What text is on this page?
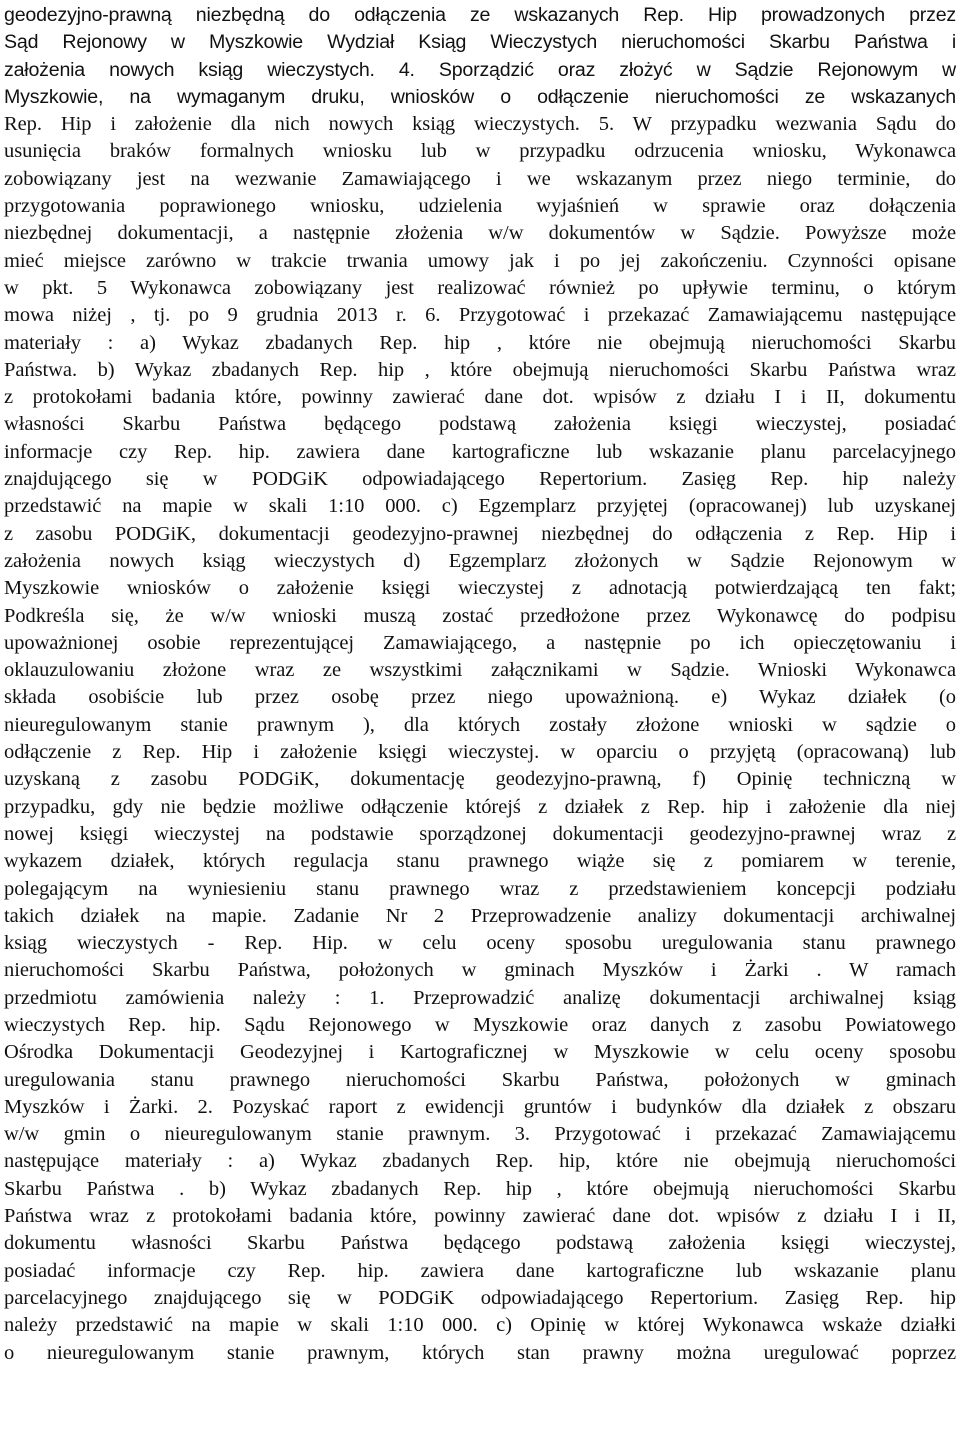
geodezyjno-prawną niezbędną do odłączenia ze wskazanych Rep. Hip prowadzonych przez
Sąd Rejonowy w Myszkowie Wydział Ksiąg Wieczystych nieruchomości Skarbu Państwa i
założenia nowych ksiąg wieczystych. 4. Sporządzić oraz złożyć w Sądzie Rejonowym w
Myszkowie, na wymaganym druku, wniosków o odłączenie nieruchomości ze wskazanych
Rep. Hip i założenie dla nich nowych ksiąg wieczystych. 5. W przypadku wezwania Sądu do
usunięcia braków formalnych wniosku lub w przypadku odrzucenia wniosku, Wykonawca
zobowiązany jest na wezwanie Zamawiającego i we wskazanym przez niego terminie, do
przygotowania poprawionego wniosku, udzielenia wyjaśnień w sprawie oraz dołączenia
niezbędnej dokumentacji, a następnie złożenia w/w dokumentów w Sądzie. Powyższe może
mieć miejsce zarówno w trakcie trwania umowy jak i po jej zakończeniu. Czynności opisane
w pkt. 5 Wykonawca zobowiązany jest realizować również po upływie terminu, o którym
mowa niżej , tj. po 9 grudnia 2013 r. 6. Przygotować i przekazać Zamawiającemu następujące
materiały : a) Wykaz zbadanych Rep. hip , które nie obejmują nieruchomości Skarbu
Państwa. b) Wykaz zbadanych Rep. hip , które obejmują nieruchomości Skarbu Państwa wraz
z protokołami badania które, powinny zawierać dane dot. wpisów z działu I i II, dokumentu
własności Skarbu Państwa będącego podstawą założenia księgi wieczystej, posiadać
informacje czy Rep. hip. zawiera dane kartograficzne lub wskazanie planu parcelacyjnego
znajdującego się w PODGiK odpowiadającego Repertorium. Zasięg Rep. hip należy
przedstawić na mapie w skali 1:10 000. c) Egzemplarz przyjętej (opracowanej) lub uzyskanej
z zasobu PODGiK, dokumentacji geodezyjno-prawnej niezbędnej do odłączenia z Rep. Hip i
założenia nowych ksiąg wieczystych d) Egzemplarz złożonych w Sądzie Rejonowym w
Myszkowie wniosków o założenie księgi wieczystej z adnotacją potwierdzającą ten fakt;
Podkreśla się, że w/w wnioski muszą zostać przedłożone przez Wykonawcę do podpisu
upoważnionej osobie reprezentującej Zamawiającego, a następnie po ich opieczętowaniu i
oklauzulowaniu złożone wraz ze wszystkimi załącznikami w Sądzie. Wnioski Wykonawca
składa osobiście lub przez osobę przez niego upoważnioną. e) Wykaz działek (o
nieuregulowanym stanie prawnym ), dla których zostały złożone wnioski w sądzie o
odłączenie z Rep. Hip i założenie księgi wieczystej. w oparciu o przyjętą (opracowaną) lub
uzyskaną z zasobu PODGiK, dokumentację geodezyjno-prawną, f) Opinię techniczną w
przypadku, gdy nie będzie możliwe odłączenie którejś z działek z Rep. hip i założenie dla niej
nowej księgi wieczystej na podstawie sporządzonej dokumentacji geodezyjno-prawnej wraz z
wykazem działek, których regulacja stanu prawnego wiąże się z pomiarem w terenie,
polegającym na wyniesieniu stanu prawnego wraz z przedstawieniem koncepcji podziału
takich działek na mapie. Zadanie Nr 2 Przeprowadzenie analizy dokumentacji archiwalnej
ksiąg wieczystych - Rep. Hip. w celu oceny sposobu uregulowania stanu prawnego
nieruchomości Skarbu Państwa, położonych w gminach Myszków i Żarki . W ramach
przedmiotu zamówienia należy : 1. Przeprowadzić analizę dokumentacji archiwalnej ksiąg
wieczystych Rep. hip. Sądu Rejonowego w Myszkowie oraz danych z zasobu Powiatowego
Ośrodka Dokumentacji Geodezyjnej i Kartograficznej w Myszkowie w celu oceny sposobu
uregulowania stanu prawnego nieruchomości Skarbu Państwa, położonych w gminach
Myszków i Żarki. 2. Pozyskać raport z ewidencji gruntów i budynków dla działek z obszaru
w/w gmin o nieuregulowanym stanie prawnym. 3. Przygotować i przekazać Zamawiającemu
następujące materiały : a) Wykaz zbadanych Rep. hip, które nie obejmują nieruchomości
Skarbu Państwa . b) Wykaz zbadanych Rep. hip , które obejmują nieruchomości Skarbu
Państwa wraz z protokołami badania które, powinny zawierać dane dot. wpisów z działu I i II,
dokumentu własności Skarbu Państwa będącego podstawą założenia księgi wieczystej,
posiadać informacje czy Rep. hip. zawiera dane kartograficzne lub wskazanie planu
parcelacyjnego znajdującego się w PODGiK odpowiadającego Repertorium. Zasięg Rep. hip
należy przedstawić na mapie w skali 1:10 000. c) Opinię w której Wykonawca wskaże działki
o nieuregulowanym stanie prawnym, których stan prawny można uregulować poprzez
